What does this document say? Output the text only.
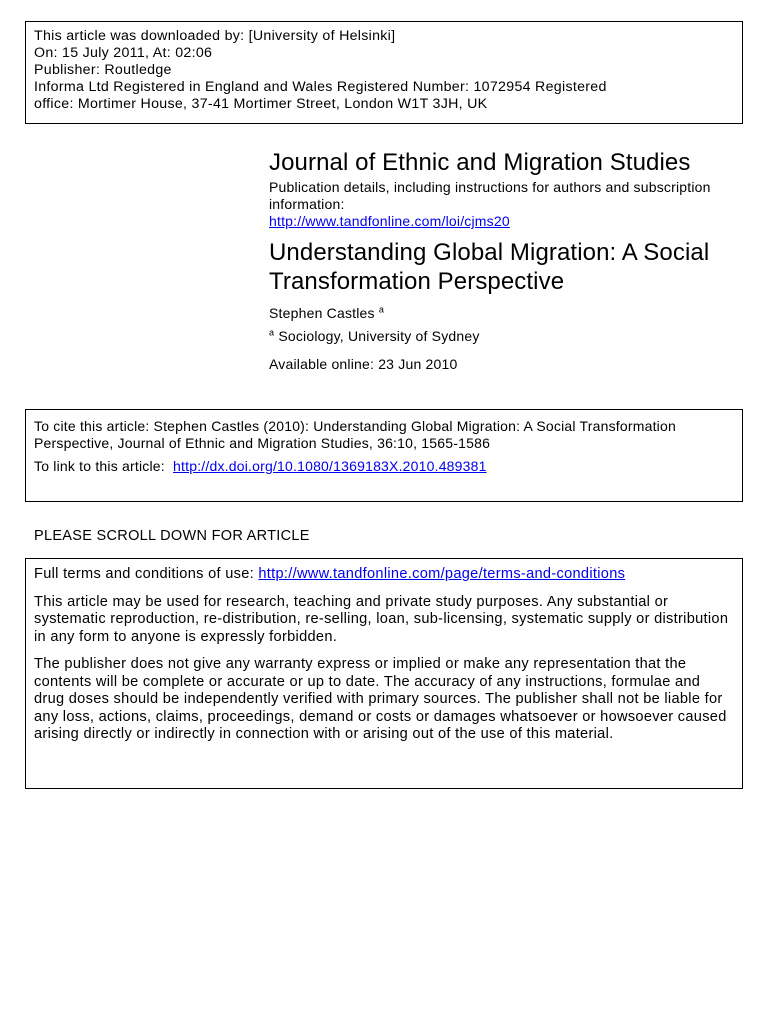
This article was downloaded by: [University of Helsinki]
On: 15 July 2011, At: 02:06
Publisher: Routledge
Informa Ltd Registered in England and Wales Registered Number: 1072954 Registered
office: Mortimer House, 37-41 Mortimer Street, London W1T 3JH, UK
Journal of Ethnic and Migration Studies
Publication details, including instructions for authors and subscription information:
http://www.tandfonline.com/loi/cjms20
Understanding Global Migration: A Social Transformation Perspective
Stephen Castles $^a$
$^a$ Sociology, University of Sydney
Available online: 23 Jun 2010
To cite this article: Stephen Castles (2010): Understanding Global Migration: A Social Transformation Perspective, Journal of Ethnic and Migration Studies, 36:10, 1565-1586
To link to this article: http://dx.doi.org/10.1080/1369183X.2010.489381
PLEASE SCROLL DOWN FOR ARTICLE

Full terms and conditions of use: http://www.tandfonline.com/page/terms-and-conditions

This article may be used for research, teaching and private study purposes. Any substantial or systematic reproduction, re-distribution, re-selling, loan, sub-licensing, systematic supply or distribution in any form to anyone is expressly forbidden.

The publisher does not give any warranty express or implied or make any representation that the contents will be complete or accurate or up to date. The accuracy of any instructions, formulae and drug doses should be independently verified with primary sources. The publisher shall not be liable for any loss, actions, claims, proceedings, demand or costs or damages whatsoever or howsoever caused arising directly or indirectly in connection with or arising out of the use of this material.
